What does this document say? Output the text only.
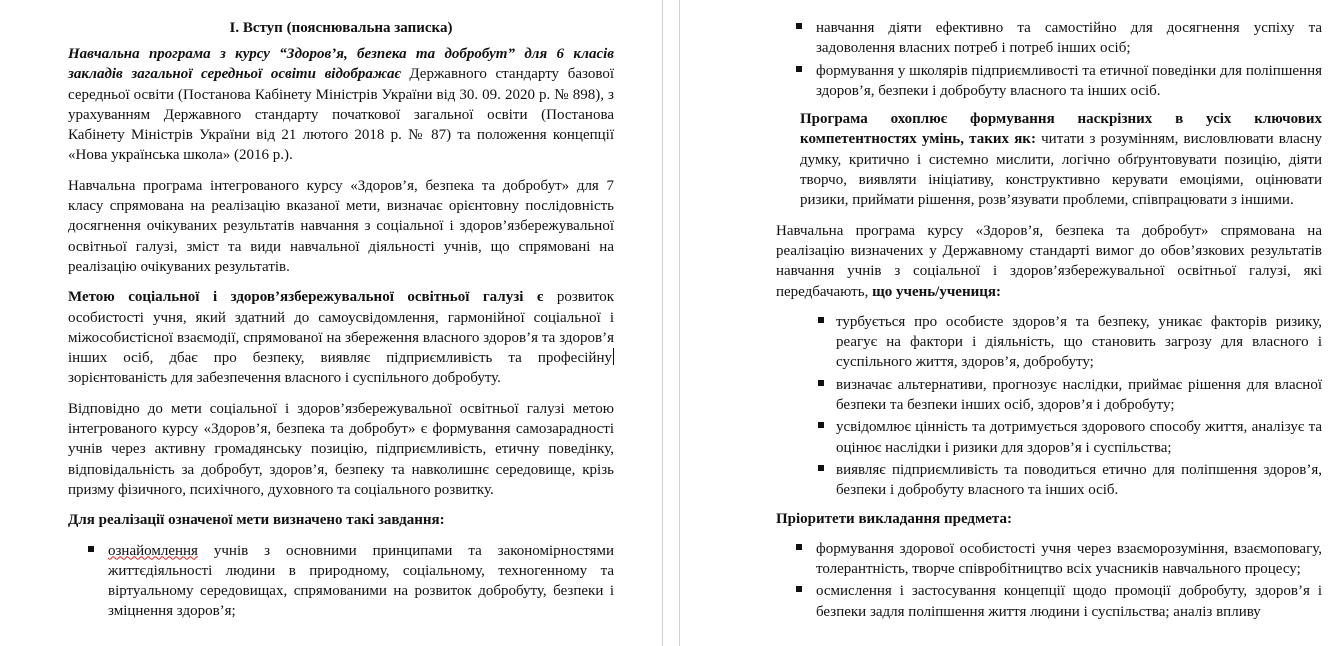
І. Вступ (пояснювальна записка)

Навчальна програма з курсу “Здоров’я, безпека та добробут” для 6 класів закладів загальної середньої освіти відображає Державного стандарту базової середньої освіти (Постанова Кабінету Міністрів України від 30. 09. 2020 р. № 898), з урахуванням Державного стандарту початкової загальної освіти (Постанова Кабінету Міністрів України від 21 лютого 2018 р. № 87) та положення концепції «Нова українська школа» (2016 р.).

Навчальна програма інтегрованого курсу «Здоров’я, безпека та добробут» для 7 класу спрямована на реалізацію вказаної мети, визначає орієнтовну послідовність досягнення очікуваних результатів навчання з соціальної і здоров’язбережувальної освітньої галузі, зміст та види навчальної діяльності учнів, що спрямовані на реалізацію очікуваних результатів.

Метою соціальної і здоров’язбережувальної освітньої галузі є розвиток особистості учня, який здатний до самоусвідомлення, гармонійної соціальної і міжособистісної взаємодії, спрямованої на збереження власного здоров’я та здоров’я інших осіб, дбає про безпеку, виявляє підприємливість та професійну зорієнтованість для забезпечення власного і суспільного добробуту.

Відповідно до мети соціальної і здоров’язбережувальної освітньої галузі метою інтегрованого курсу «Здоров’я, безпека та добробут» є формування самозарадності учнів через активну громадянську позицію, підприємливість, етичну поведінку, відповідальність за добробут, здоров’я, безпеку та навколишнє середовище, крізь призму фізичного, психічного, духовного та соціального розвитку.

Для реалізації означеної мети визначено такі завдання:

ознайомлення учнів з основними принципами та закономірностями життєдіяльності людини в природному, соціальному, техногенному та віртуальному середовищах, спрямованими на розвиток добробуту, безпеки і зміцнення здоров’я;
навчання діяти ефективно та самостійно для досягнення успіху та задоволення власних потреб і потреб інших осіб;
формування у школярів підприємливості та етичної поведінки для поліпшення здоров’я, безпеки і добробуту власного та інших осіб.

Програма охоплює формування наскрізних в усіх ключових компетентностях умінь, таких як: читати з розумінням, висловлювати власну думку, критично і системно мислити, логічно обґрунтовувати позицію, діяти творчо, виявляти ініціативу, конструктивно керувати емоціями, оцінювати ризики, приймати рішення, розв’язувати проблеми, співпрацювати з іншими.

Навчальна програма курсу «Здоров’я, безпека та добробут» спрямована на реалізацію визначених у Державному стандарті вимог до обов’язкових результатів навчання учнів з соціальної і здоров’язбережувальної освітньої галузі, які передбачають, що учень/учениця:

турбується про особисте здоров’я та безпеку, уникає факторів ризику, реагує на фактори і діяльність, що становить загрозу для власного і суспільного життя, здоров’я, добробуту;
визначає альтернативи, прогнозує наслідки, приймає рішення для власної безпеки та безпеки інших осіб, здоров’я і добробуту;
усвідомлює цінність та дотримується здорового способу життя, аналізує та оцінює наслідки і ризики для здоров’я і суспільства;
виявляє підприємливість та поводиться етично для поліпшення здоров’я, безпеки і добробуту власного та інших осіб.

Пріоритети викладання предмета:

формування здорової особистості учня через взаєморозуміння, взаємоповагу, толерантність, творче співробітництво всіх учасників навчального процесу;
осмислення і застосування концепції щодо промоції добробуту, здоров’я і безпеки задля поліпшення життя людини і суспільства; аналіз впливу
